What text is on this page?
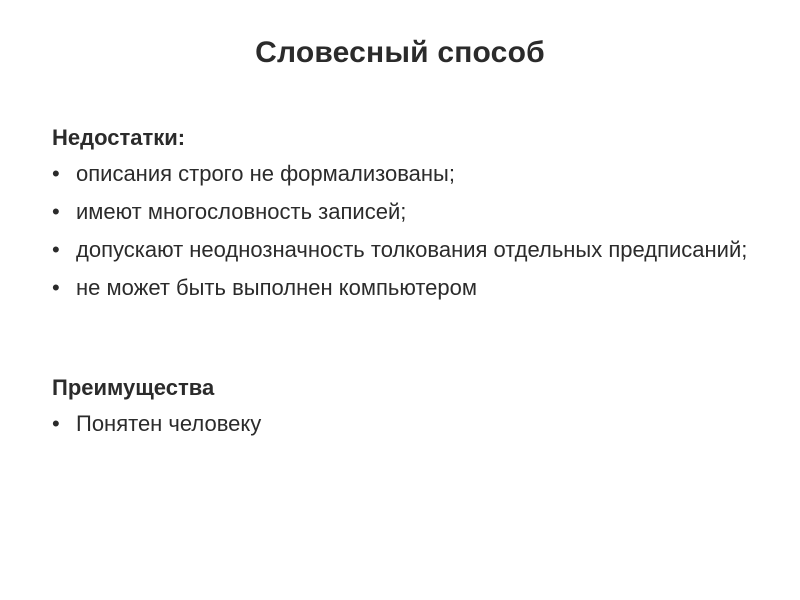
Словесный способ
Недостатки:
• описания строго не формализованы;
• имеют многословность записей;
• допускают неоднозначность толкования отдельных предписаний;
• не может быть выполнен компьютером
Преимущества
• Понятен человеку
